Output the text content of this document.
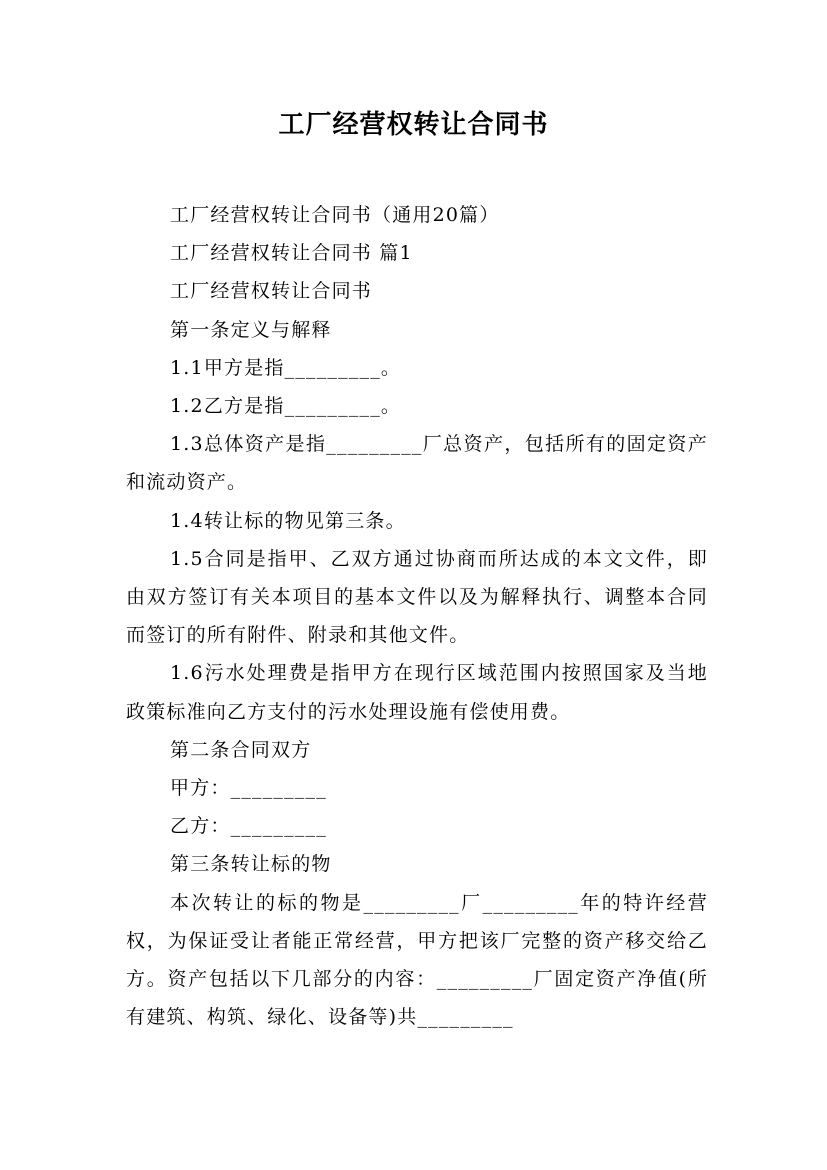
工厂经营权转让合同书

工厂经营权转让合同书（通用20篇）

工厂经营权转让合同书 篇1

工厂经营权转让合同书

第一条定义与解释

1.1甲方是指_________。

1.2乙方是指_________。

1.3总体资产是指_________厂总资产，包括所有的固定资产和流动资产。

1.4转让标的物见第三条。

1.5合同是指甲、乙双方通过协商而所达成的本文文件，即由双方签订有关本项目的基本文件以及为解释执行、调整本合同而签订的所有附件、附录和其他文件。

1.6污水处理费是指甲方在现行区域范围内按照国家及当地政策标准向乙方支付的污水处理设施有偿使用费。

第二条合同双方

甲方：_________

乙方：_________

第三条转让标的物

本次转让的标的物是_________厂_________年的特许经营权，为保证受让者能正常经营，甲方把该厂完整的资产移交给乙方。资产包括以下几部分的内容：_________厂固定资产净值(所有建筑、构筑、绿化、设备等)共_________
